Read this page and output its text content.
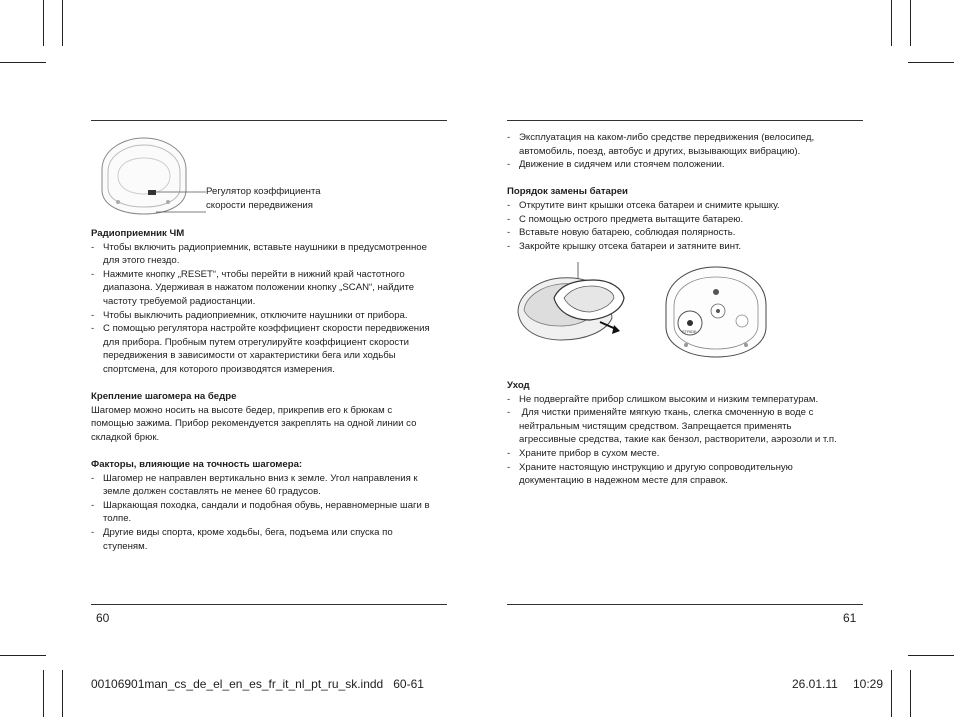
Регулятор коэффициента
скорости передвижения
Радиоприемник ЧМ
- Чтобы включить радиоприемник, вставьте наушники в предусмотренное
для этого гнездо.
- Нажмите кнопку „RESET“, чтобы перейти в нижний край частотного
диапазона. Удерживая в нажатом положении кнопку „SCAN“, найдите
частоту требуемой радиостанции.
- Чтобы выключить радиоприемник, отключите наушники от прибора.
- С помощью регулятора настройте коэффициент скорости передвижения
для прибора. Пробным путем отрегулируйте коэффициент скорости
передвижения в зависимости от характеристики бега или ходьбы
спортсмена, для которого производятся измерения.
Крепление шагомера на бедре
Шагомер можно носить на высоте бедер, прикрепив его к брюкам с
помощью зажима. Прибор рекомендуется закреплять на одной линии со
складкой брюк.
Факторы, влияющие на точность шагомера:
- Шагомер не направлен вертикально вниз к земле. Угол направления к
земле должен составлять не менее 60 градусов.
- Шаркающая походка, сандали и подобная обувь, неравномерные шаги в
толпе.
- Другие виды спорта, кроме ходьбы, бега, подъема или спуска по
ступеням.
- Эксплуатация на каком-либо средстве передвижения (велосипед,
автомобиль, поезд, автобус и других, вызывающих вибрацию).
- Движение в сидячем или стоячем положении.
Порядок замены батареи
- Открутите винт крышки отсека батареи и снимите крышку.
- С помощью острого предмета вытащите батарею.
- Вставьте новую батарею, соблюдая полярность.
- Закройте крышку отсека батареи и затяните винт.
STRIDE
Уход
- Не подвергайте прибор слишком высоким и низким температурам.
- Для чистки применяйте мягкую ткань, слегка смоченную в воде с
нейтральным чистящим средством. Запрещается применять
агрессивные средства, такие как бензол, растворители, аэрозоли и т.п.
- Храните прибор в сухом месте.
- Храните настоящую инструкцию и другую сопроводительную
документацию в надежном месте для справок.
60	61
00106901man_cs_de_el_en_es_fr_it_nl_pt_ru_sk.indd   60-61	26.01.11 10:29
